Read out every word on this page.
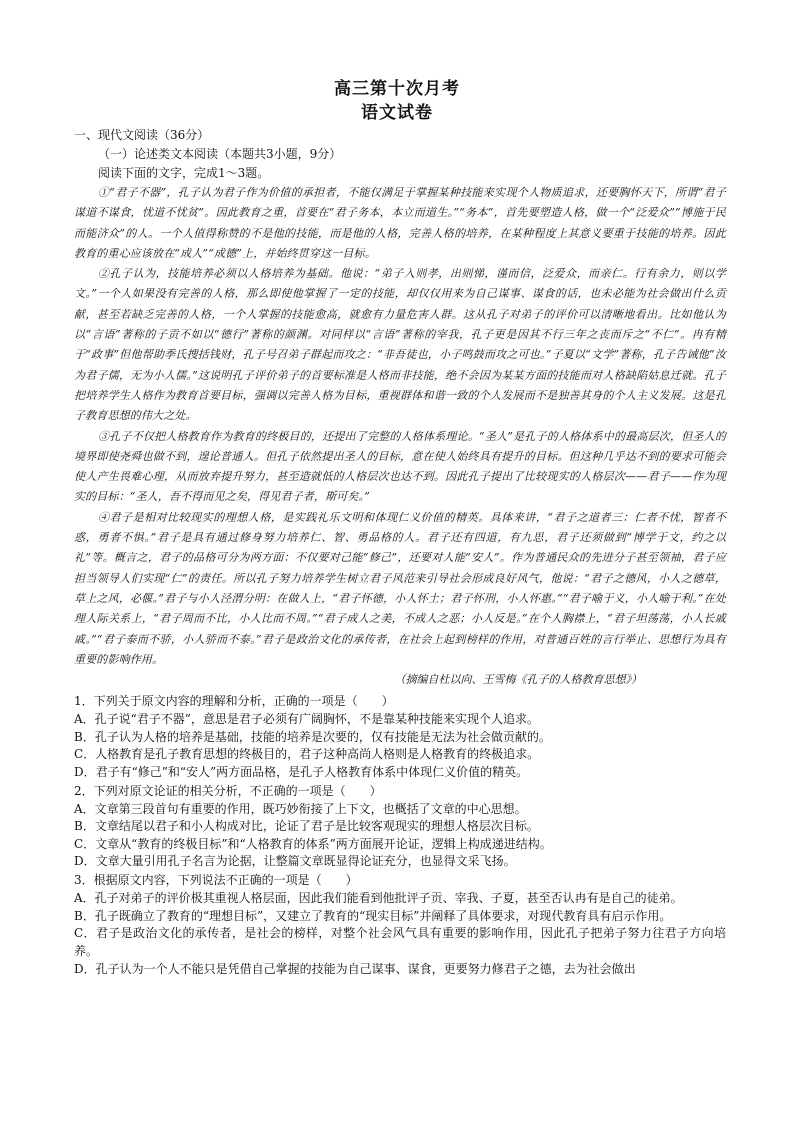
高三第十次月考
语文试卷

一、现代文阅读（36分）

（一）论述类文本阅读（本题共3小题，9分）

阅读下面的文字，完成1～3题。

①“君子不器”，孔子认为君子作为价值的承担者，不能仅满足于掌握某种技能来实现个人物质追求，还要胸怀天下，所谓“君子谋道不谋食，忧道不忧贫”。因此教育之重，首要在“君子务本，本立而道生。”“务本”，首先要塑造人格，做一个“泛爱众”“博施于民而能济众”的人。一个人值得称赞的不是他的技能，而是他的人格，完善人格的培养，在某种程度上其意义要重于技能的培养。因此教育的重心应该放在“成人”“成德”上，并始终贯穿这一目标。

②孔子认为，技能培养必须以人格培养为基础。他说：“弟子入则孝，出则悌，谨而信，泛爱众，而亲仁。行有余力，则以学文。”一个人如果没有完善的人格，那么即使他掌握了一定的技能，却仅仅用来为自己谋事、谋食的话，也未必能为社会做出什么贡献，甚至若缺乏完善的人格，一个人掌握的技能愈高，就愈有力量危害人群。这从孔子对弟子的评价可以清晰地看出。比如他认为以“言语”著称的子贡不如以“德行”著称的颜渊。对同样以“言语”著称的宰我，孔子更是因其不行三年之丧而斥之“不仁”。冉有精于“政事”但他帮助季氏搜括钱财，孔子号召弟子群起而攻之：“非吾徒也，小子鸣鼓而攻之可也。”子夏以“文学”著称，孔子告诫他“汝为君子儒，无为小人儒。”这说明孔子评价弟子的首要标准是人格而非技能，绝不会因为某某方面的技能而对人格缺陷姑息迁就。孔子把培养学生人格作为教育首要目标，强调以完善人格为目标，重视群体和谐一致的个人发展而不是独善其身的个人主义发展。这是孔子教育思想的伟大之处。

③孔子不仅把人格教育作为教育的终极目的，还提出了完整的人格体系理论。“圣人”是孔子的人格体系中的最高层次，但圣人的境界即使尧舜也做不到，遑论普通人。但孔子依然提出圣人的目标，意在使人始终具有提升的目标。但这种几乎达不到的要求可能会使人产生畏难心理，从而放弃提升努力，甚至造就低的人格层次也达不到。因此孔子提出了比较现实的人格层次——君子——作为现实的目标：“圣人，吾不得而见之矣，得见君子者，斯可矣。”

④君子是相对比较现实的理想人格，是实践礼乐文明和体现仁义价值的精英。具体来讲，“君子之道者三：仁者不忧，智者不惑，勇者不惧。”君子是具有通过修身努力培养仁、智、勇品格的人。君子还有四道，有九思，君子还须做到“博学于文，约之以礼”等。概言之，君子的品格可分为两方面：不仅要对己能“修己”，还要对人能“安人”。作为普通民众的先进分子甚至领袖，君子应担当领导人们实现“仁”的责任。所以孔子努力培养学生树立君子风范来引导社会形成良好风气，他说：“君子之德风，小人之德草，草上之风，必偃。”君子与小人泾渭分明：在做人上，“君子怀德，小人怀土；君子怀刑，小人怀惠。”“君子喻于义，小人喻于利。”在处理人际关系上，“君子周而不比，小人比而不周。”“君子成人之美，不成人之恶；小人反是。”在个人胸襟上，“君子坦荡荡，小人长戚戚。”“君子泰而不骄，小人骄而不泰。”君子是政治文化的承传者，在社会上起到榜样的作用，对普通百姓的言行举止、思想行为具有重要的影响作用。

（摘编自杜以向、王雪梅《孔子的人格教育思想》）

1．下列关于原文内容的理解和分析，正确的一项是（　　）

A．孔子说“君子不器”，意思是君子必须有广阔胸怀，不是靠某种技能来实现个人追求。

B．孔子认为人格的培养是基础，技能的培养是次要的，仅有技能是无法为社会做贡献的。

C．人格教育是孔子教育思想的终极目的，君子这种高尚人格则是人格教育的终极追求。

D．君子有“修己”和“安人”两方面品格，是孔子人格教育体系中体现仁义价值的精英。

2．下列对原文论证的相关分析，不正确的一项是（　　）

A．文章第三段首句有重要的作用，既巧妙衔接了上下文，也概括了文章的中心思想。

B．文章结尾以君子和小人构成对比，论证了君子是比较客观现实的理想人格层次目标。

C．文章从“教育的终极目标”和“人格教育的体系”两方面展开论证，逻辑上构成递进结构。

D．文章大量引用孔子名言为论据，让整篇文章既显得论证充分，也显得文采飞扬。

3．根据原文内容，下列说法不正确的一项是（　　）

A．孔子对弟子的评价极其重视人格层面，因此我们能看到他批评子贡、宰我、子夏，甚至否认冉有是自己的徒弟。

B．孔子既确立了教育的“理想目标”，又建立了教育的“现实目标”并阐释了具体要求，对现代教育具有启示作用。

C．君子是政治文化的承传者，是社会的榜样，对整个社会风气具有重要的影响作用，因此孔子把弟子努力往君子方向培养。

D．孔子认为一个人不能只是凭借自己掌握的技能为自己谋事、谋食，更要努力修君子之德，去为社会做出
